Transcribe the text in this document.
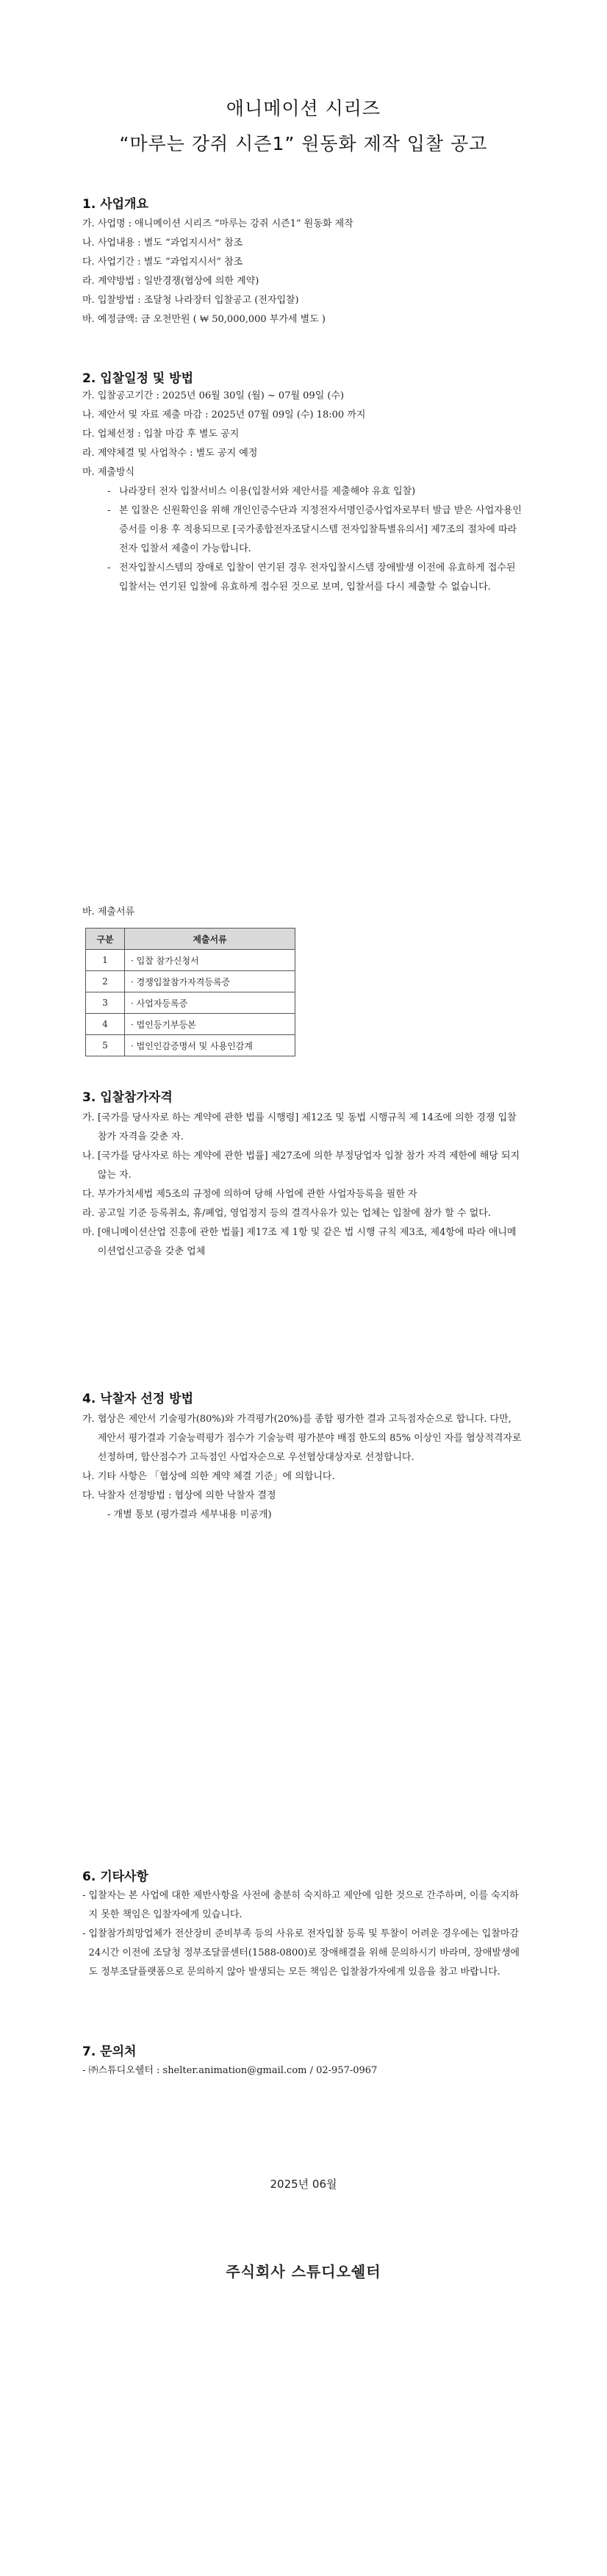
애니메이션 시리즈
“마루는 강쥐 시즌1” 원동화 제작 입찰 공고
1. 사업개요
가. 사업명 : 애니메이션 시리즈 “마루는 강쥐 시즌1” 원동화 제작
나. 사업내용 : 별도 “과업지시서” 참조
다. 사업기간 : 별도 “과업지시서” 참조
라. 계약방법 : 일반경쟁(협상에 의한 계약)
마. 입찰방법 : 조달청 나라장터 입찰공고 (전자입찰)
바. 예정금액: 금 오천만원 ( ₩ 50,000,000 부가세 별도 )
2. 입찰일정 및 방법
가. 입찰공고기간 : 2025년 06월 30일 (월) ~ 07월 09일 (수)
나. 제안서 및 자료 제출 마감 : 2025년 07월 09일 (수) 18:00 까지
다. 업체선정 : 입찰 마감 후 별도 공지
라. 계약체결 및 사업착수 : 별도 공지 예정
마. 제출방식
- 나라장터 전자 입찰서비스 이용(입찰서와 제안서를 제출해야 유효 입찰)
- 본 입찰은 신원확인을 위해 개인인증수단과 지정전자서명인증사업자로부터 발급 받은 사업자용인증서를 이용 후 적용되므로 [국가종합전자조달시스템 전자입찰특별유의서] 제7조의 절차에 따라 전자 입찰서 제출이 가능합니다.
- 전자입찰시스템의 장애로 입찰이 연기된 경우 전자입찰시스템 장애발생 이전에 유효하게 접수된 입찰서는 연기된 입찰에 유효하게 접수된 것으로 보며, 입찰서를 다시 제출할 수 없습니다.
바. 제출서류
구분	제출서류
1	· 입찰 참가신청서
2	· 경쟁입찰참가자격등록증
3	· 사업자등록증
4	· 법인등기부등본
5	· 법인인감증명서 및 사용인감계
3. 입찰참가자격
가.
[국가를 당사자로 하는 계약에 관한 법률 시행령] 제12조 및 동법 시행규칙 제 14조에 의한 경쟁 입찰 참가 자격을 갖춘 자.
나.
[국가를 당사자로 하는 계약에 관한 법률] 제27조에 의한 부정당업자 입찰 참가 자격 제한에 해당 되지 않는 자.
다.
부가가치세법 제5조의 규정에 의하여 당해 사업에 관한 사업자등록을 필한 자
라.
공고일 기준 등록취소, 휴/폐업, 영업정지 등의 결격사유가 있는 업체는 입찰에 참가 할 수 없다.
마.
[애니메이션산업 진흥에 관한 법률] 제17조 제 1항 및 같은 법 시행 규칙 제3조, 제4항에 따라 애니메이션업신고증을 갖춘 업체
4. 낙찰자 선정 방법
가.
협상은 제안서 기술평가(80%)와 가격평가(20%)를 종합 평가한 결과 고득점자순으로 합니다. 다만, 제안서 평가결과 기술능력평가 점수가 기술능력 평가분야 배점 한도의 85% 이상인 자를 협상적격자로 선정하며, 합산점수가 고득점인 사업자순으로 우선협상대상자로 선정합니다.
나.
기타 사항은 「협상에 의한 계약 체결 기준」에 의합니다.
다.
낙찰자 선정방법 : 협상에 의한 낙찰자 결정
- 개별 통보 (평가결과 세부내용 미공개)
6. 기타사항
-
입찰자는 본 사업에 대한 제반사항을 사전에 충분히 숙지하고 제안에 임한 것으로 간주하며, 이를 숙지하지 못한 책임은 입찰자에게 있습니다.
-
입찰참가희망업체가 전산장비 준비부족 등의 사유로 전자입찰 등록 및 투찰이 어려운 경우에는 입찰마감 24시간 이전에 조달청 정부조달콜센터(1588-0800)로 장애해결을 위해 문의하시기 바라며, 장애발생에도 정부조달플랫폼으로 문의하지 않아 발생되는 모든 책임은 입찰참가자에게 있음을 참고 바랍니다.
7. 문의처
- ㈜스튜디오쉘터 : shelter.animation@gmail.com / 02-957-0967
2025년 06월
주식회사 스튜디오쉘터
